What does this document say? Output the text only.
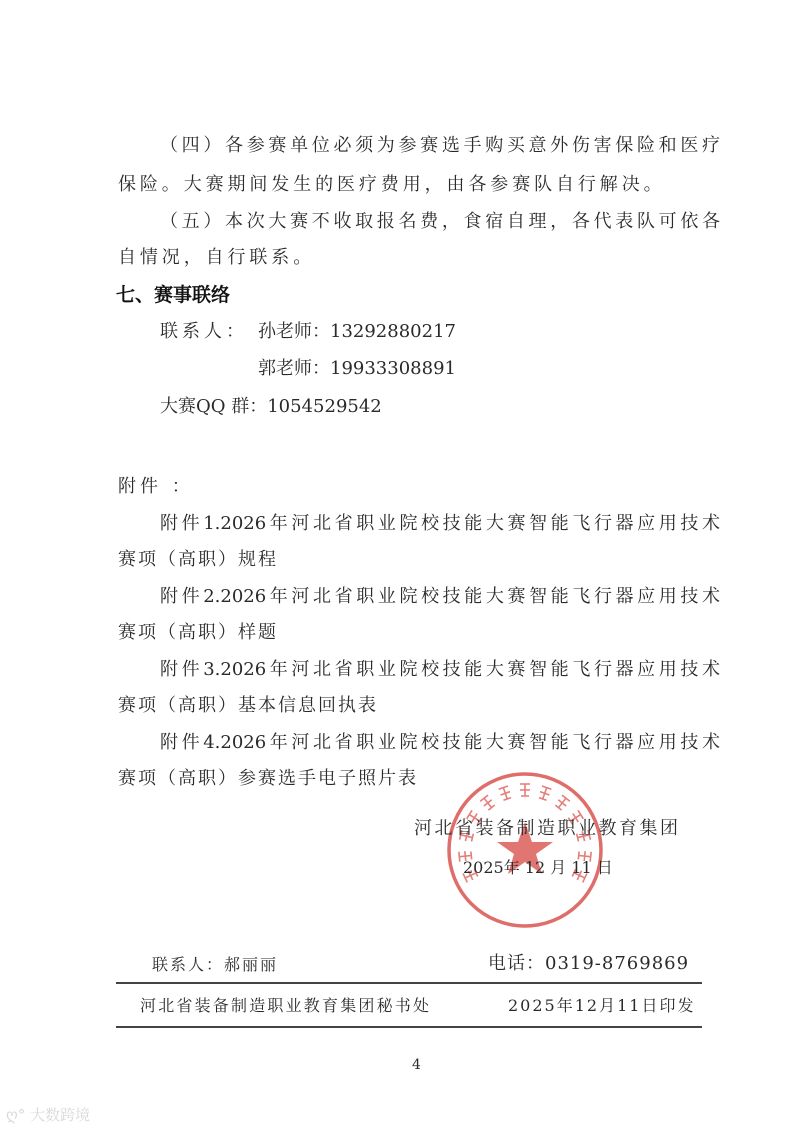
（四）各参赛单位必须为参赛选手购买意外伤害保险和医疗
保险。大赛期间发生的医疗费用，由各参赛队自行解决。
（五）本次大赛不收取报名费，食宿自理，各代表队可依各
自情况，自行联系。
七、赛事联络
联系人： 孙老师：13292880217
郭老师：19933308891
大赛QQ 群：1054529542
附件 ：
附件1.2026年河北省职业院校技能大赛智能飞行器应用技术
赛项（高职）规程
附件2.2026年河北省职业院校技能大赛智能飞行器应用技术
赛项（高职）样题
附件3.2026年河北省职业院校技能大赛智能飞行器应用技术
赛项（高职）基本信息回执表
附件4.2026年河北省职业院校技能大赛智能飞行器应用技术
赛项（高职）参赛选手电子照片表
河北省装备制造职业教育集团
2025年 12 月 11 日
联系人：郝丽丽	电话：0319-8769869
河北省装备制造职业教育集团秘书处	2025年12月11日印发
4
ღ° 大数跨境
